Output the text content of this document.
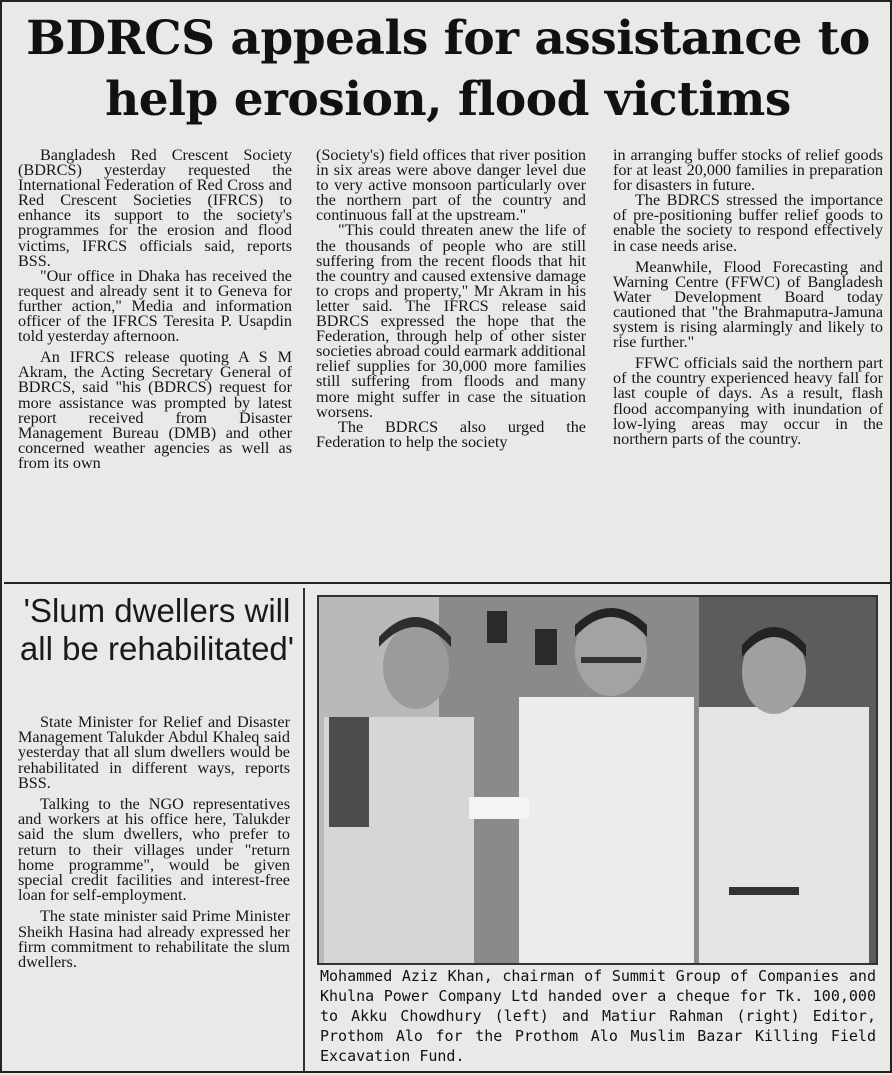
BDRCS appeals for assistance to
help erosion, flood victims

Bangladesh Red Crescent Society (BDRCS) yesterday requested the International Federation of Red Cross and Red Crescent Societies (IFRCS) to enhance its support to the society's programmes for the erosion and flood victims, IFRCS officials said, reports BSS.

"Our office in Dhaka has received the request and already sent it to Geneva for further action," Media and information officer of the IFRCS Teresita P. Usapdin told yesterday afternoon.

An IFRCS release quoting A S M Akram, the Acting Secretary General of BDRCS, said "his (BDRCS) request for more assistance was prompted by latest report received from Disaster Management Bureau (DMB) and other concerned weather agencies as well as from its own

(Society's) field offices that river position in six areas were above danger level due to very active monsoon particularly over the northern part of the country and continuous fall at the upstream."

"This could threaten anew the life of the thousands of people who are still suffering from the recent floods that hit the country and caused extensive damage to crops and property," Mr Akram in his letter said. The IFRCS release said BDRCS expressed the hope that the Federation, through help of other sister societies abroad could earmark additional relief supplies for 30,000 more families still suffering from floods and many more might suffer in case the situation worsens.

The BDRCS also urged the Federation to help the society

in arranging buffer stocks of relief goods for at least 20,000 families in preparation for disasters in future.

The BDRCS stressed the importance of pre-positioning buffer relief goods to enable the society to respond effectively in case needs arise.

Meanwhile, Flood Forecasting and Warning Centre (FFWC) of Bangladesh Water Development Board today cautioned that "the Brahmaputra-Jamuna system is rising alarmingly and likely to rise further."

FFWC officials said the northern part of the country experienced heavy fall for last couple of days. As a result, flash flood accompanying with inundation of low-lying areas may occur in the northern parts of the country.

'Slum dwellers will all be rehabilitated'

State Minister for Relief and Disaster Management Talukder Abdul Khaleq said yesterday that all slum dwellers would be rehabilitated in different ways, reports BSS.

Talking to the NGO representatives and workers at his office here, Talukder said the slum dwellers, who prefer to return to their villages under "return home programme", would be given special credit facilities and interest-free loan for self-employment.

The state minister said Prime Minister Sheikh Hasina had already expressed her firm commitment to rehabilitate the slum dwellers.

Mohammed Aziz Khan, chairman of Summit Group of Companies and Khulna Power Company Ltd handed over a cheque for Tk. 100,000 to Akku Chowdhury (left) and Matiur Rahman (right) Editor, Prothom Alo for the Prothom Alo Muslim Bazar Killing Field Excavation Fund.
